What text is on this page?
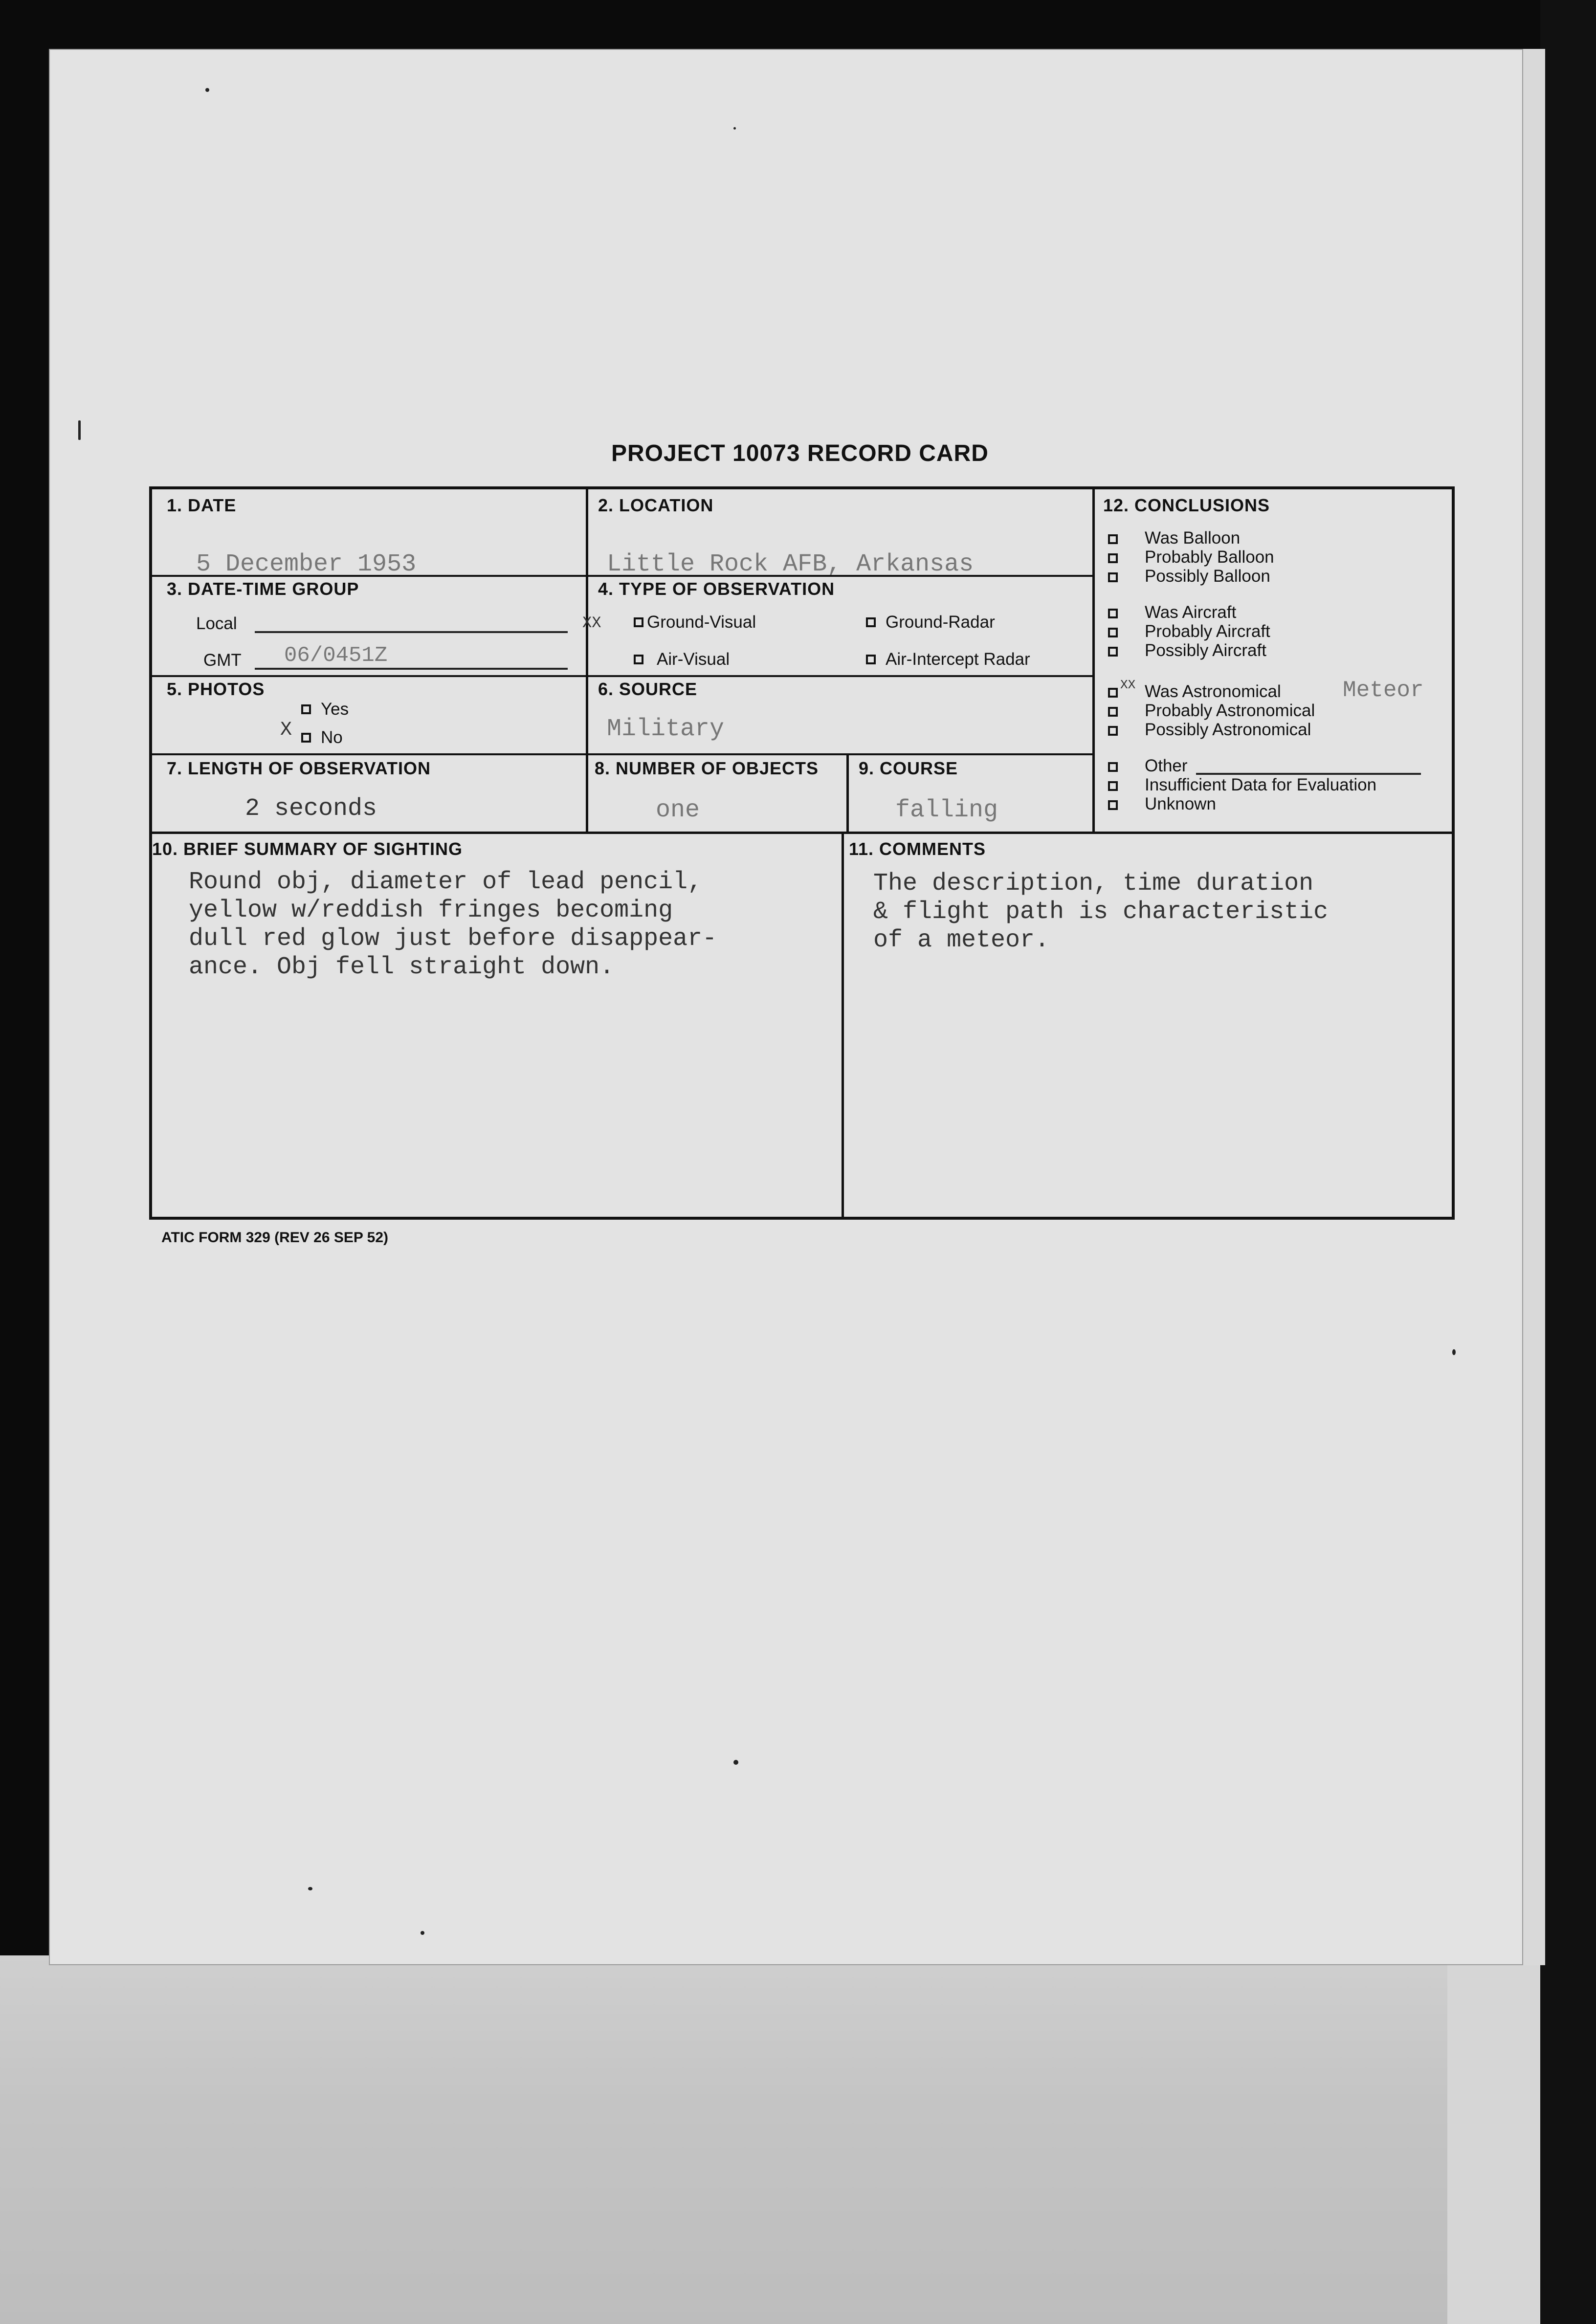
PROJECT 10073 RECORD CARD
1. DATE
5 December 1953
2. LOCATION
Little Rock AFB, Arkansas
3. DATE-TIME GROUP
Local
GMT 06/0451Z
4. TYPE OF OBSERVATION
XX	Ground-Visual	Ground-Radar
Air-Visual	Air-Intercept Radar
5. PHOTOS
Yes
X No
6. SOURCE
Military
7. LENGTH OF OBSERVATION
2 seconds
8. NUMBER OF OBJECTS
one
9. COURSE
falling
10. BRIEF SUMMARY OF SIGHTING
Round obj, diameter of lead pencil,
yellow w/reddish fringes becoming
dull red glow just before disappear-
ance. Obj fell straight down.
11. COMMENTS
The description, time duration
& flight path is characteristic
of a meteor.
12. CONCLUSIONS
Was Balloon
Probably Balloon
Possibly Balloon
Was Aircraft
Probably Aircraft
Possibly Aircraft
XX Was Astronomical	Meteor
Probably Astronomical
Possibly Astronomical
Other
Insufficient Data for Evaluation
Unknown
ATIC FORM 329 (REV 26 SEP 52)
